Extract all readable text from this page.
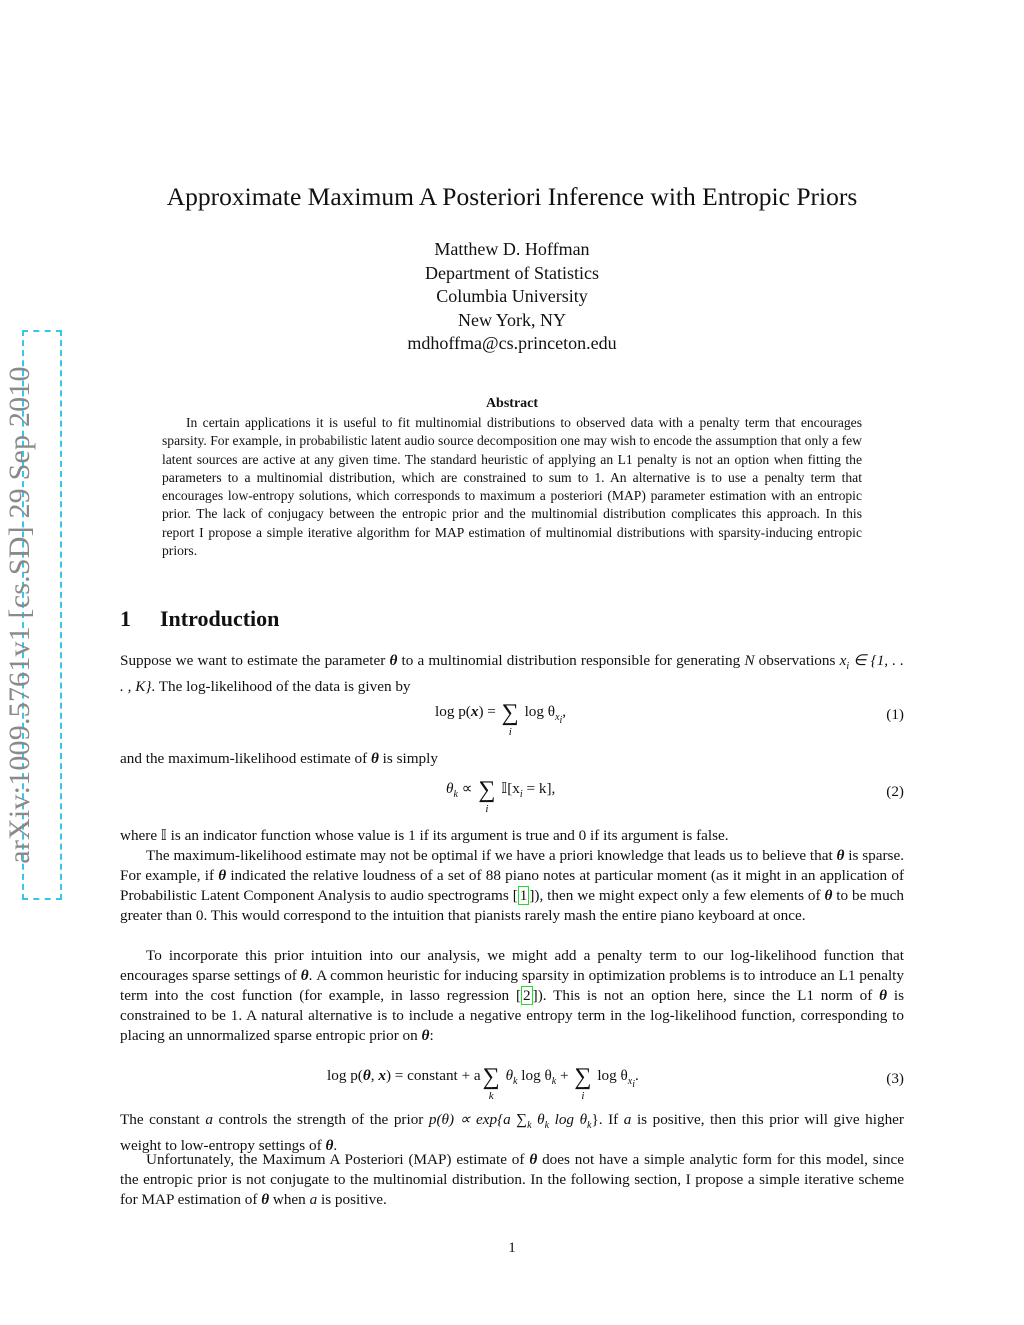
arXiv:1009.5761v1 [cs.SD] 29 Sep 2010
Approximate Maximum A Posteriori Inference with Entropic Priors
Matthew D. Hoffman
Department of Statistics
Columbia University
New York, NY
mdhoffma@cs.princeton.edu
Abstract
In certain applications it is useful to fit multinomial distributions to observed data with a penalty term that encourages sparsity. For example, in probabilistic latent audio source decomposition one may wish to encode the assumption that only a few latent sources are active at any given time. The standard heuristic of applying an L1 penalty is not an option when fitting the parameters to a multinomial distribution, which are constrained to sum to 1. An alternative is to use a penalty term that encourages low-entropy solutions, which corresponds to maximum a posteriori (MAP) parameter estimation with an entropic prior. The lack of conjugacy between the entropic prior and the multinomial distribution complicates this approach. In this report I propose a simple iterative algorithm for MAP estimation of multinomial distributions with sparsity-inducing entropic priors.
1 Introduction
Suppose we want to estimate the parameter θ to a multinomial distribution responsible for generating N observations $x_i$ ∈ {1, . . . , K}. The log-likelihood of the data is given by
log p(x) = ∑
i
$\log \theta_{x_i}$,	(1)
and the maximum-likelihood estimate of θ is simply
$\theta_k$ ∝ ∑
i
$𝕀[x_i = k]$,	(2)
where 𝕀 is an indicator function whose value is 1 if its argument is true and 0 if its argument is false.
The maximum-likelihood estimate may not be optimal if we have a priori knowledge that leads us to believe that θ is sparse. For example, if θ indicated the relative loudness of a set of 88 piano notes at particular moment (as it might in an application of Probabilistic Latent Component Analysis to audio spectrograms [ 1 ]), then we might expect only a few elements of θ to be much greater than 0. This would correspond to the intuition that pianists rarely mash the entire piano keyboard at once.
To incorporate this prior intuition into our analysis, we might add a penalty term to our log-likelihood function that encourages sparse settings of θ. A common heuristic for inducing sparsity in optimization problems is to introduce an L1 penalty term into the cost function (for example, in lasso regression [ 2 ]). This is not an option here, since the L1 norm of θ is constrained to be 1. A natural alternative is to include a negative entropy term in the log-likelihood function, corresponding to placing an unnormalized sparse entropic prior on θ:
log p(θ, x) = constant + a∑
k
$\theta_k$ $\log \theta_k$ + ∑
i
$\log \theta_{x_i}$.	(3)
The constant a controls the strength of the prior p(θ) ∝ exp{a $\sum_k$ $\theta_k$ $\log \theta_k$}. If a is positive, then this prior will give higher weight to low-entropy settings of θ.
Unfortunately, the Maximum A Posteriori (MAP) estimate of θ does not have a simple analytic form for this model, since the entropic prior is not conjugate to the multinomial distribution. In the following section, I propose a simple iterative scheme for MAP estimation of θ when a is positive.
1
